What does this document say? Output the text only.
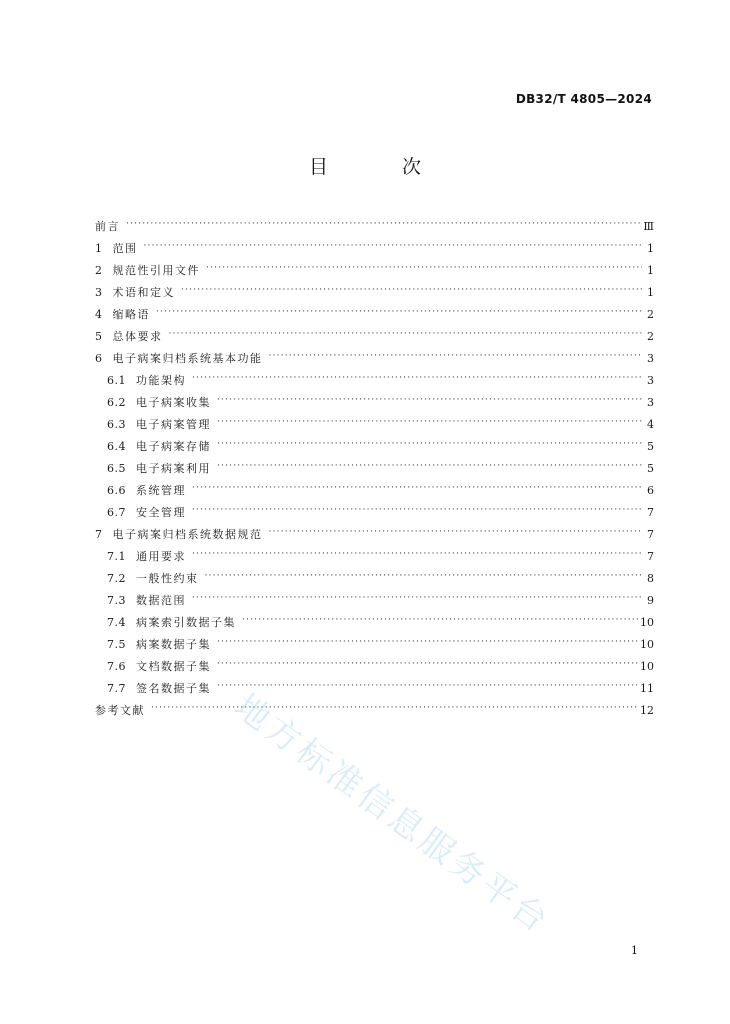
DB32/T 4805—2024
目 次
前言 ·····	Ⅲ
1 范围 ·····	1
2 规范性引用文件 ·····	1
3 术语和定义 ·····	1
4 缩略语 ·····	2
5 总体要求 ·····	2
6 电子病案归档系统基本功能 ·····	3
6.1 功能架构 ·····	3
6.2 电子病案收集 ·····	3
6.3 电子病案管理 ·····	4
6.4 电子病案存储 ·····	5
6.5 电子病案利用 ·····	5
6.6 系统管理 ·····	6
6.7 安全管理 ·····	7
7 电子病案归档系统数据规范 ·····	7
7.1 通用要求 ·····	7
7.2 一般性约束 ·····	8
7.3 数据范围 ·····	9
7.4 病案索引数据子集 ·····	10
7.5 病案数据子集 ·····	10
7.6 文档数据子集 ·····	10
7.7 签名数据子集 ·····	11
参考文献 ·····	12
地方标准信息服务平台
1
